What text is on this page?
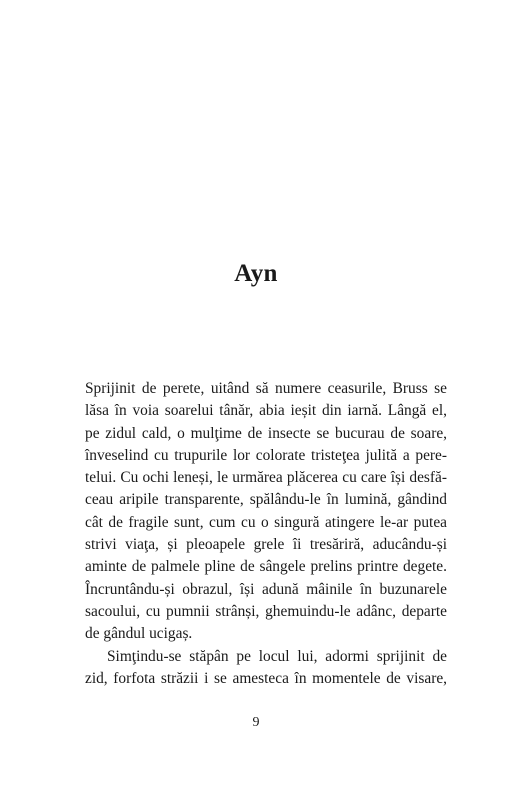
Ayn
Sprijinit de perete, uitând să numere ceasurile, Bruss se
lăsa în voia soarelui tânăr, abia ieșit din iarnă. Lângă el,
pe zidul cald, o mulţime de insecte se bucurau de soare,
înveselind cu trupurile lor colorate tristeţea julită a pere-
telui. Cu ochi leneși, le urmărea plăcerea cu care își desfă-
ceau aripile transparente, spălându-le în lumină, gândind
cât de fragile sunt, cum cu o singură atingere le-ar putea
strivi viaţa, și pleoapele grele îi tresăriră, aducându-și
aminte de palmele pline de sângele prelins printre degete.
Încruntându-și obrazul, își adună mâinile în buzunarele
sacoului, cu pumnii strânși, ghemuindu-le adânc, departe
de gândul ucigaș.
Simţindu-se stăpân pe locul lui, adormi sprijinit de
zid, forfota străzii i se amesteca în momentele de visare,
9
